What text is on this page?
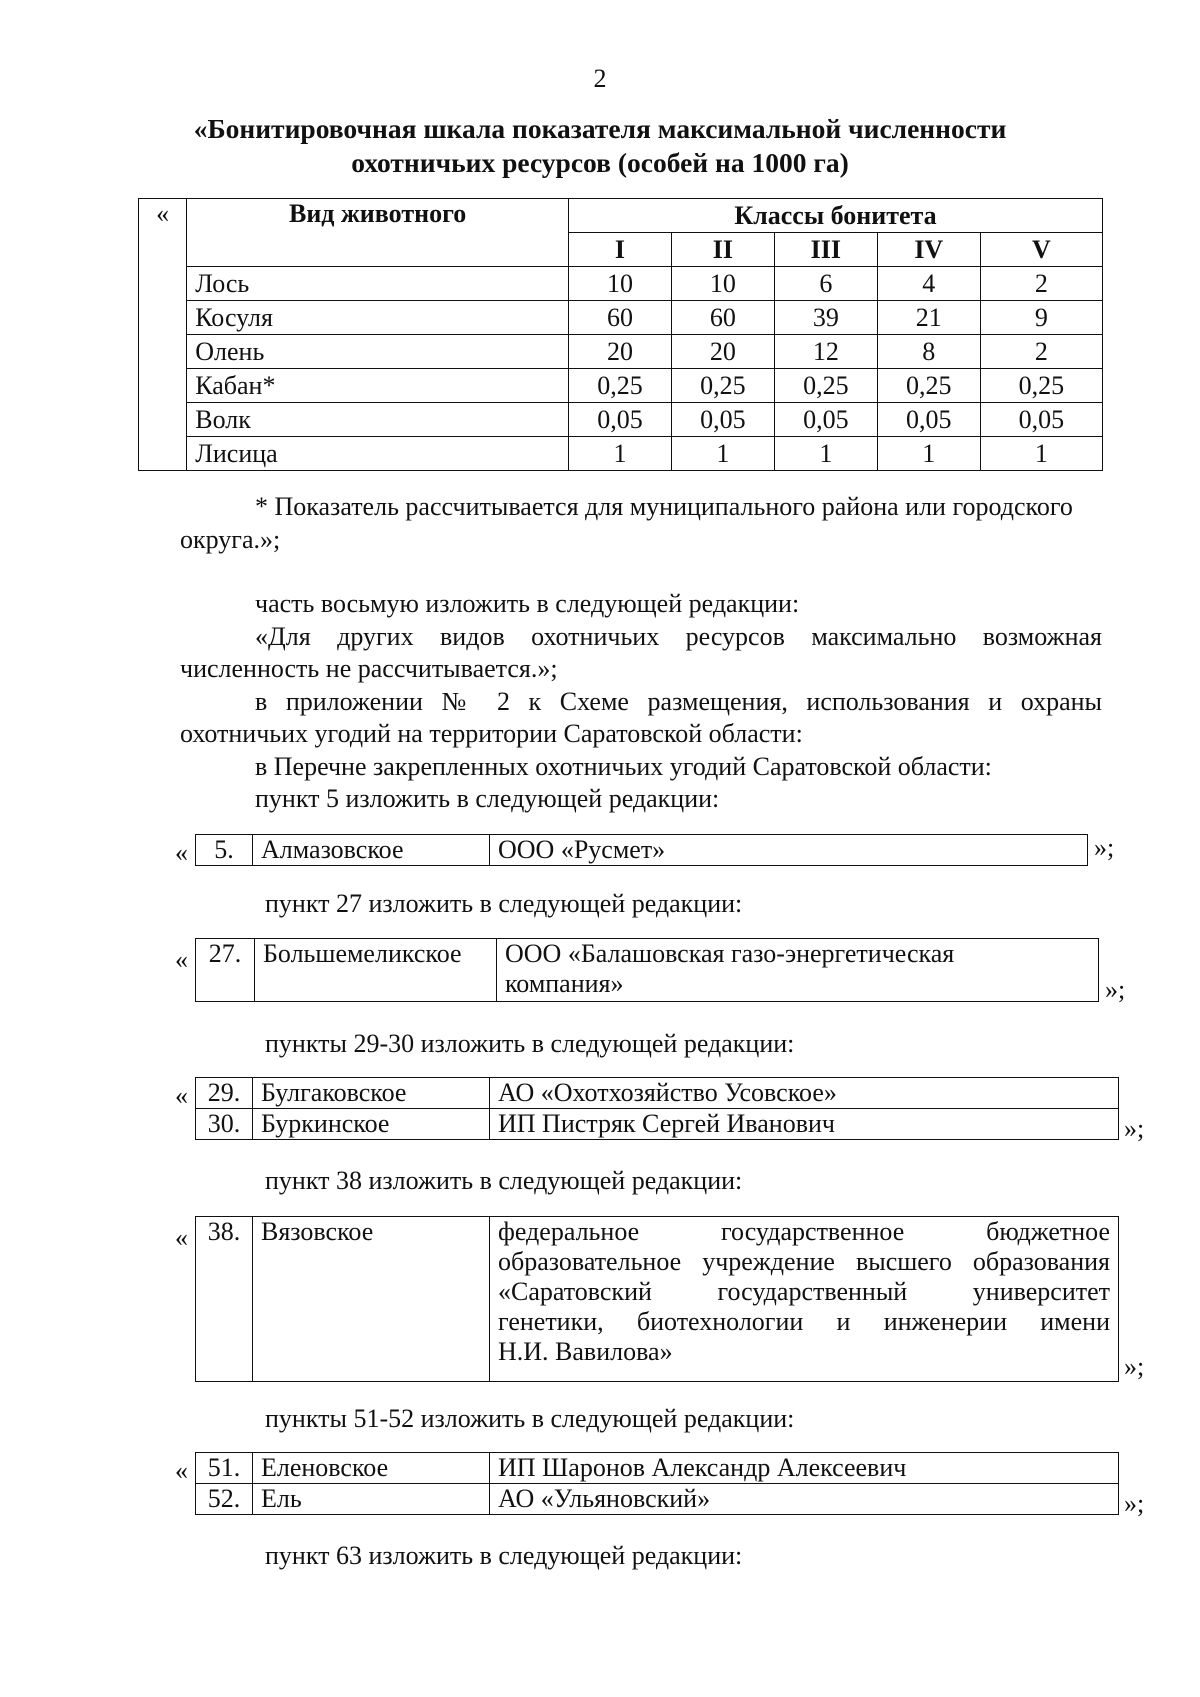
2
«Бонитировочная шкала показателя максимальной численности
охотничьих ресурсов (особей на 1000 га)
«	Вид животного	Классы бонитета				
		I	II	III	IV	V
	Лось	10	10	6	4	2
	Косуля	60	60	39	21	9
	Олень	20	20	12	8	2
	Кабан*	0,25	0,25	0,25	0,25	0,25
	Волк	0,05	0,05	0,05	0,05	0,05
	Лисица	1	1	1	1	1
* Показатель рассчитывается для муниципального района или городского округа.»;
часть восьмую изложить в следующей редакции:
«Для других видов охотничьих ресурсов максимально возможная численность не рассчитывается.»;
в приложении № 2 к Схеме размещения, использования и охраны охотничьих угодий на территории Саратовской области:
в Перечне закрепленных охотничьих угодий Саратовской области:
пункт 5 изложить в следующей редакции:
« 5.	Алмазовское	ООО «Русмет»	»;
пункт 27 изложить в следующей редакции:
« 27.	Большемеликское	ООО «Балашовская газо-энергетическая
компания»	»;
пункты 29-30 изложить в следующей редакции:
« 29.	Булгаковское	АО «Охотхозяйство Усовское»
30.	Буркинское	ИП Пистряк Сергей Иванович	»;
пункт 38 изложить в следующей редакции:
« 38.	Вязовское	федеральное государственное бюджетное
образовательное учреждение высшего образования
«Саратовский государственный университет
генетики, биотехнологии и инженерии имени
Н.И. Вавилова»
»;
пункты 51-52 изложить в следующей редакции:
« 51.	Еленовское	ИП Шаронов Александр Алексеевич
52.	Ель	АО «Ульяновский»	»;
пункт 63 изложить в следующей редакции:
